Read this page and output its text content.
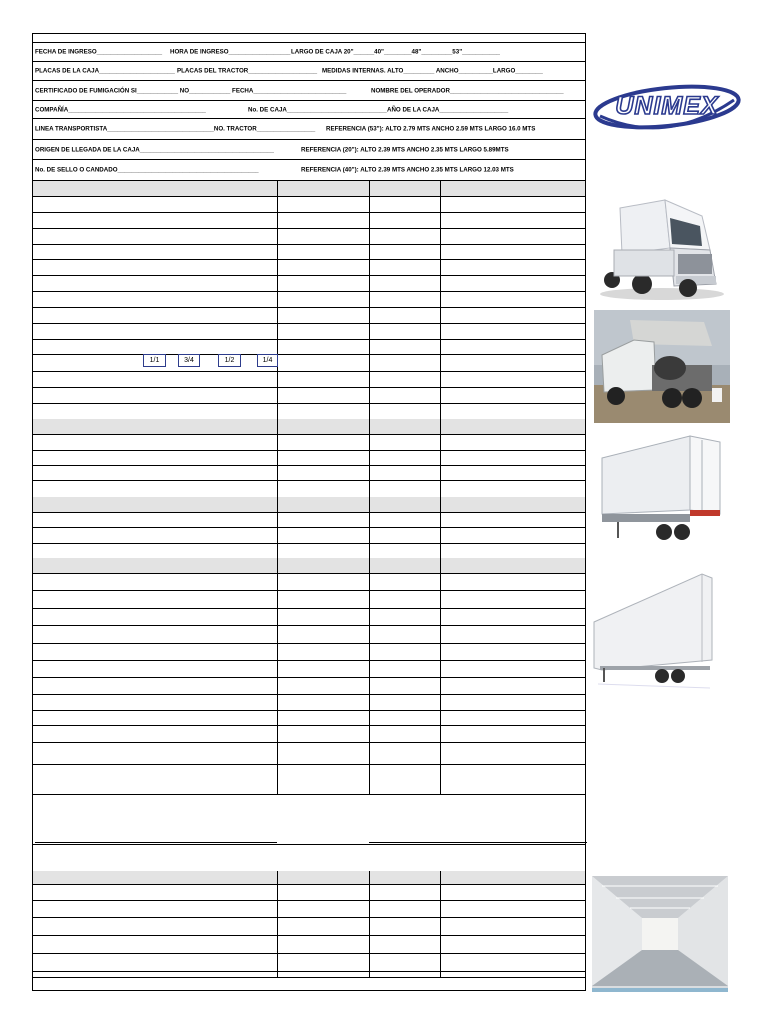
FECHA DE INGRESO___________________ HORA DE INGRESO__________________ LARGO DE CAJA 20"______40"________48"_________53"___________
PLACAS DE LA CAJA______________________ PLACAS DEL TRACTOR____________________ MEDIDAS INTERNAS. ALTO_________ ANCHO__________LARGO________
CERTIFICADO DE FUMIGACIÓN SI____________ NO____________ FECHA___________________________	NOMBRE DEL OPERADOR_________________________________
COMPAÑÍA________________________________________	No. DE CAJA_____________________________ AÑO DE LA CAJA____________________
LINEA TRANSPORTISTA_______________________________NO. TRACTOR_________________ REFERENCIA (53"): ALTO 2.79 MTS ANCHO 2.59 MTS LARGO 16.0 MTS
ORIGEN DE LLEGADA DE LA CAJA_______________________________________	REFERENCIA (20"): ALTO 2.39 MTS ANCHO 2.35 MTS LARGO 5.89MTS
No. DE SELLO O CANDADO_________________________________________	REFERENCIA (40"): ALTO 2.39 MTS ANCHO 2.35 MTS LARGO 12.03 MTS
1/1	3/4	1/2	1/4
UNIMEX
